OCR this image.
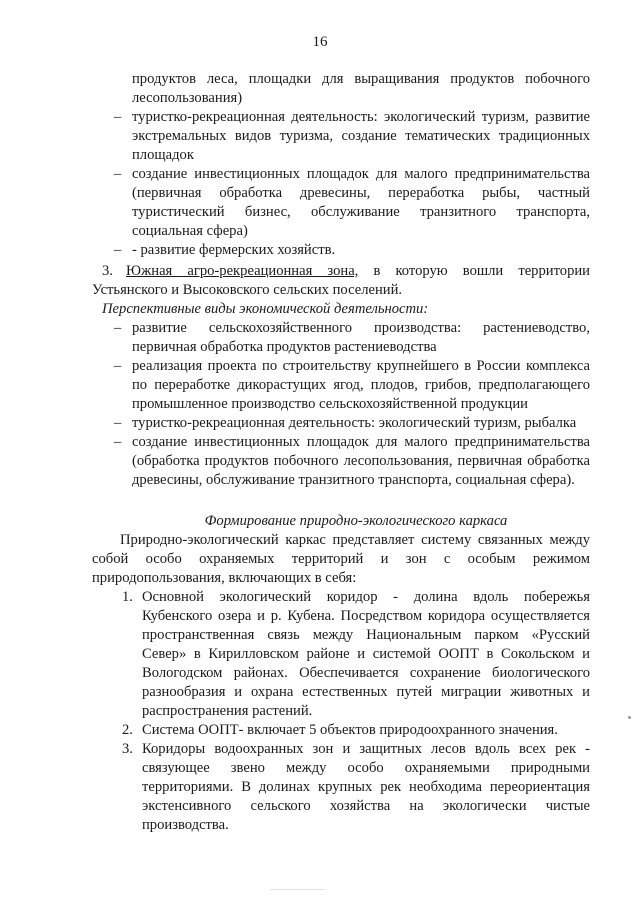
16

продуктов леса, площадки для выращивания продуктов побочного лесопользования)

– туристко-рекреационная деятельность: экологический туризм, развитие экстремальных видов туризма, создание тематических традиционных площадок

– создание инвестиционных площадок для малого предпринимательства (первичная обработка древесины, переработка рыбы, частный туристический бизнес, обслуживание транзитного транспорта, социальная сфера)

– - развитие фермерских хозяйств.

3. Южная агро-рекреационная зона, в которую вошли территории Устьянского и Высоковского сельских поселений.

Перспективные виды экономической деятельности:

– развитие сельскохозяйственного производства: растениеводство, первичная обработка продуктов растениеводства

– реализация проекта по строительству крупнейшего в России комплекса по переработке дикорастущих ягод, плодов, грибов, предполагающего промышленное производство сельскохозяйственной продукции

– туристко-рекреационная деятельность: экологический туризм, рыбалка

– создание инвестиционных площадок для малого предпринимательства (обработка продуктов побочного лесопользования, первичная обработка древесины, обслуживание транзитного транспорта, социальная сфера).

Формирование природно-экологического каркаса

Природно-экологический каркас представляет систему связанных между собой особо охраняемых территорий и зон с особым режимом природопользования, включающих в себя:

1. Основной экологический коридор - долина вдоль побережья Кубенского озера и р. Кубена. Посредством коридора осуществляется пространственная связь между Национальным парком «Русский Север» в Кирилловском районе и системой ООПТ в Сокольском и Вологодском районах. Обеспечивается сохранение биологического разнообразия и охрана естественных путей миграции животных и распространения растений.

2. Система ООПТ- включает 5 объектов природоохранного значения.

3. Коридоры водоохранных зон и защитных лесов вдоль всех рек - связующее звено между особо охраняемыми природными территориями. В долинах крупных рек необходима переориентация экстенсивного сельского хозяйства на экологически чистые производства.
